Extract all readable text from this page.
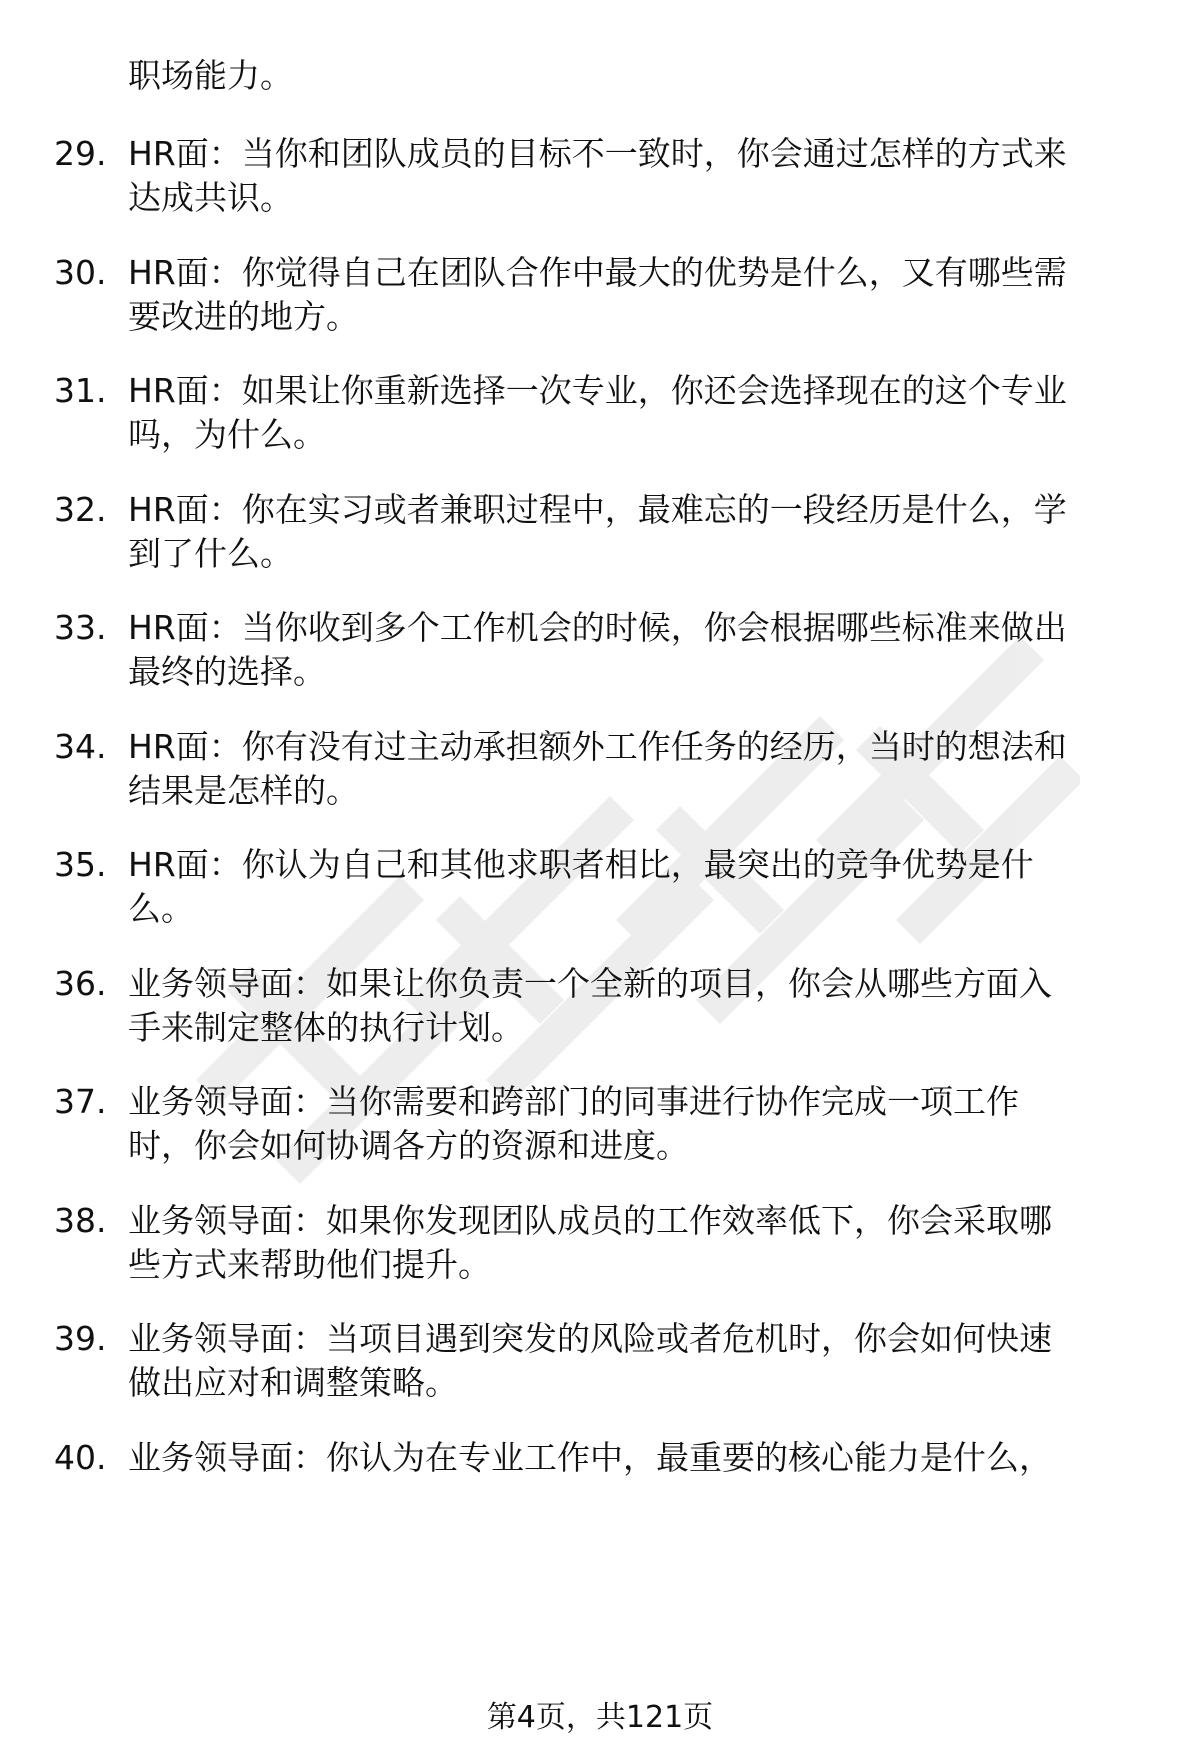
职场能力。
29. HR面：当你和团队成员的目标不一致时，你会通过怎样的方式来
达成共识。
30. HR面：你觉得自己在团队合作中最大的优势是什么，又有哪些需
要改进的地方。
31. HR面：如果让你重新选择一次专业，你还会选择现在的这个专业
吗，为什么。
32. HR面：你在实习或者兼职过程中，最难忘的一段经历是什么，学
到了什么。
33. HR面：当你收到多个工作机会的时候，你会根据哪些标准来做出
最终的选择。
34. HR面：你有没有过主动承担额外工作任务的经历，当时的想法和
结果是怎样的。
35. HR面：你认为自己和其他求职者相比，最突出的竞争优势是什
么。
36. 业务领导面：如果让你负责一个全新的项目，你会从哪些方面入
手来制定整体的执行计划。
37. 业务领导面：当你需要和跨部门的同事进行协作完成一项工作
时，你会如何协调各方的资源和进度。
38. 业务领导面：如果你发现团队成员的工作效率低下，你会采取哪
些方式来帮助他们提升。
39. 业务领导面：当项目遇到突发的风险或者危机时，你会如何快速
做出应对和调整策略。
40. 业务领导面：你认为在专业工作中，最重要的核心能力是什么，
第4页，共121页
